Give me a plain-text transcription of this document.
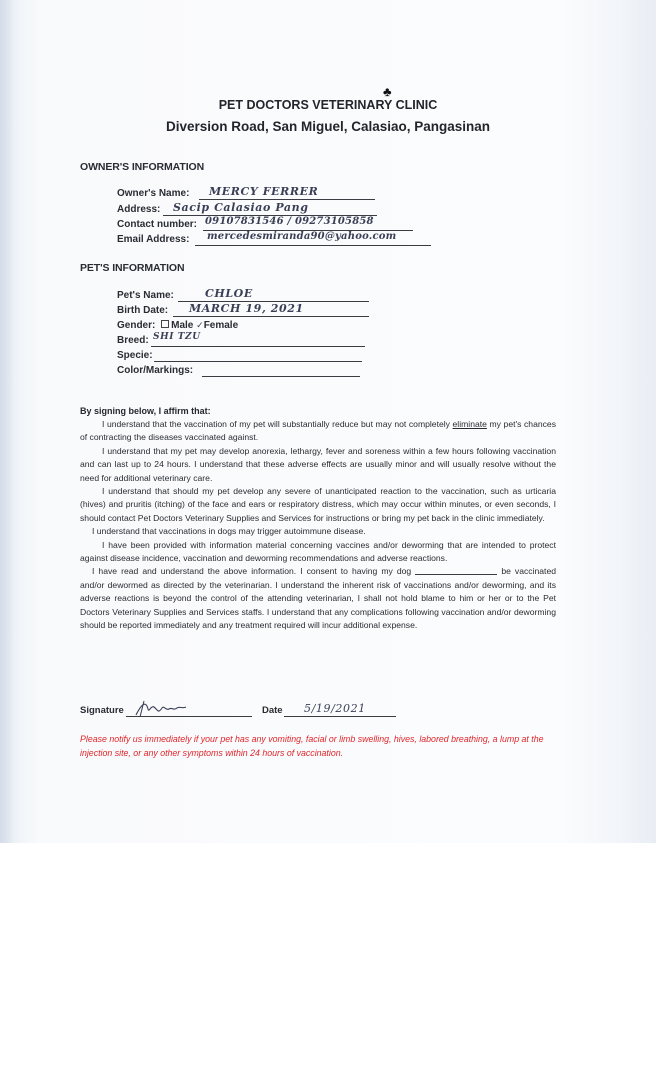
♣
PET DOCTORS VETERINARY CLINIC
Diversion Road, San Miguel, Calasiao, Pangasinan
OWNER'S INFORMATION
Owner's Name: MERCY FERRER
Address: Sacip Calasiao Pang
Contact number: 09107831546 / 09273105858
Email Address: mercedesmiranda90@yahoo.com
PET'S INFORMATION
Pet's Name:	CHLOE
Birth Date: MARCH 19, 2021
Gender: Male ✓Female
Breed: SHI TZU
Specie:
Color/Markings:
By signing below, I affirm that:

I understand that the vaccination of my pet will substantially reduce but may not completely eliminate my pet's chances of contracting the diseases vaccinated against.

I understand that my pet may develop anorexia, lethargy, fever and soreness within a few hours following vaccination and can last up to 24 hours. I understand that these adverse effects are usually minor and will usually resolve without the need for additional veterinary care.

I understand that should my pet develop any severe of unanticipated reaction to the vaccination, such as urticaria (hives) and pruritis (itching) of the face and ears or respiratory distress, which may occur within minutes, or even seconds, I should contact Pet Doctors Veterinary Supplies and Services for instructions or bring my pet back in the clinic immediately.

I understand that vaccinations in dogs may trigger autoimmune disease.

I have been provided with information material concerning vaccines and/or deworming that are intended to protect against disease incidence, vaccination and deworming recommendations and adverse reactions.

I have read and understand the above information. I consent to having my dog	be vaccinated and/or dewormed as directed by the veterinarian. I understand the inherent risk of vaccinations and/or deworming, and its adverse reactions is beyond the control of the attending veterinarian, I shall not hold blame to him or her or to the Pet Doctors Veterinary Supplies and Services staffs. I understand that any complications following vaccination and/or deworming should be reported immediately and any treatment required will incur additional expense.

Signature	Date 5/19/2021
Please notify us immediately if your pet has any vomiting, facial or limb swelling, hives, labored breathing, a lump at the injection site, or any other symptoms within 24 hours of vaccination.
